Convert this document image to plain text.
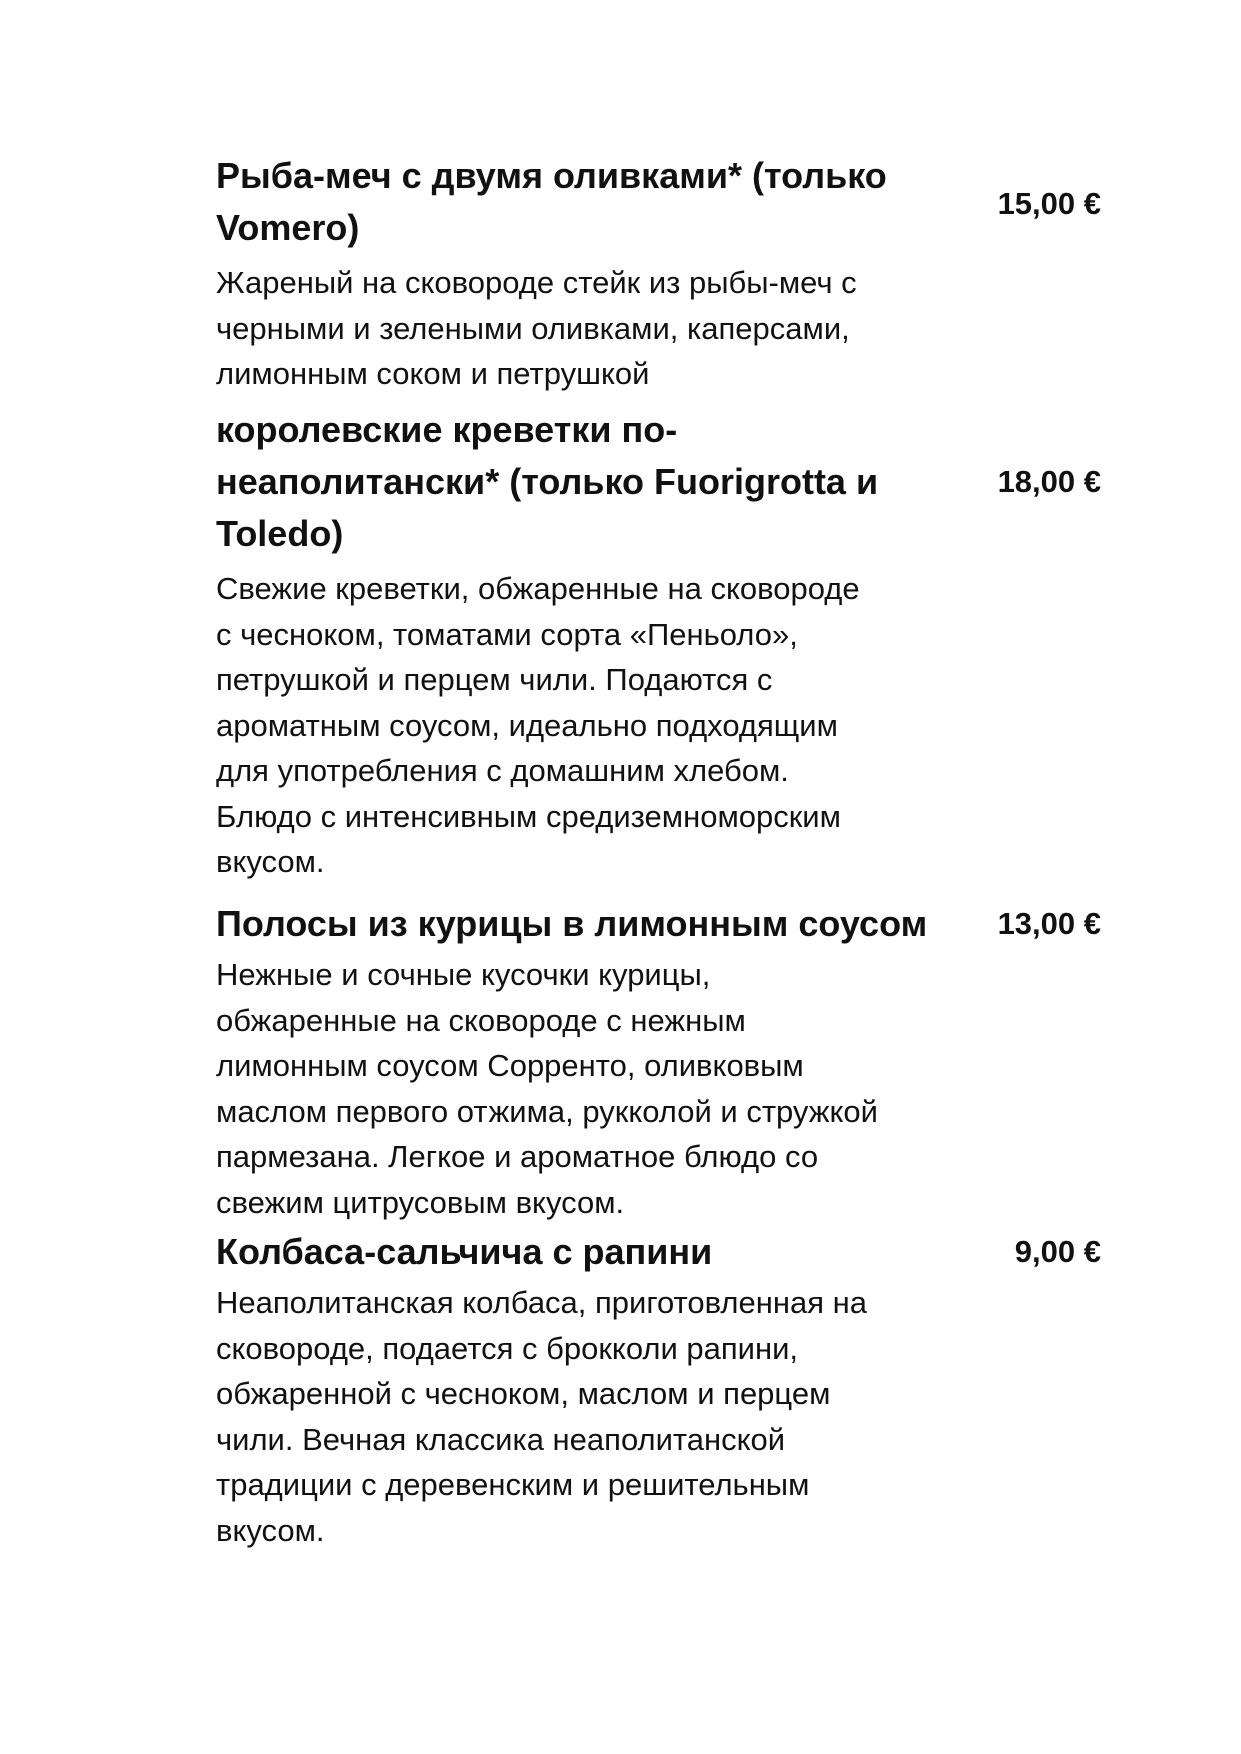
Рыба-меч с двумя оливками* (только Vomero)
15,00 €

Жареный на сковороде стейк из рыбы-меч с
черными и зелеными оливками, каперсами,
лимонным соком и петрушкой

королевские креветки по-неаполитански* (только Fuorigrotta и Toledo)
18,00 €

Свежие креветки, обжаренные на сковороде
с чесноком, томатами сорта «Пеньоло»,
петрушкой и перцем чили. Подаются с
ароматным соусом, идеально подходящим
для употребления с домашним хлебом.
Блюдо с интенсивным средиземноморским
вкусом.

Полосы из курицы в лимонным соусом	13,00 €

Нежные и сочные кусочки курицы,
обжаренные на сковороде с нежным
лимонным соусом Сорренто, оливковым
маслом первого отжима, рукколой и стружкой
пармезана. Легкое и ароматное блюдо со
свежим цитрусовым вкусом.

Колбаса-сальчича с рапини	9,00 €

Неаполитанская колбаса, приготовленная на
сковороде, подается с брокколи рапини,
обжаренной с чесноком, маслом и перцем
чили. Вечная классика неаполитанской
традиции с деревенским и решительным
вкусом.
